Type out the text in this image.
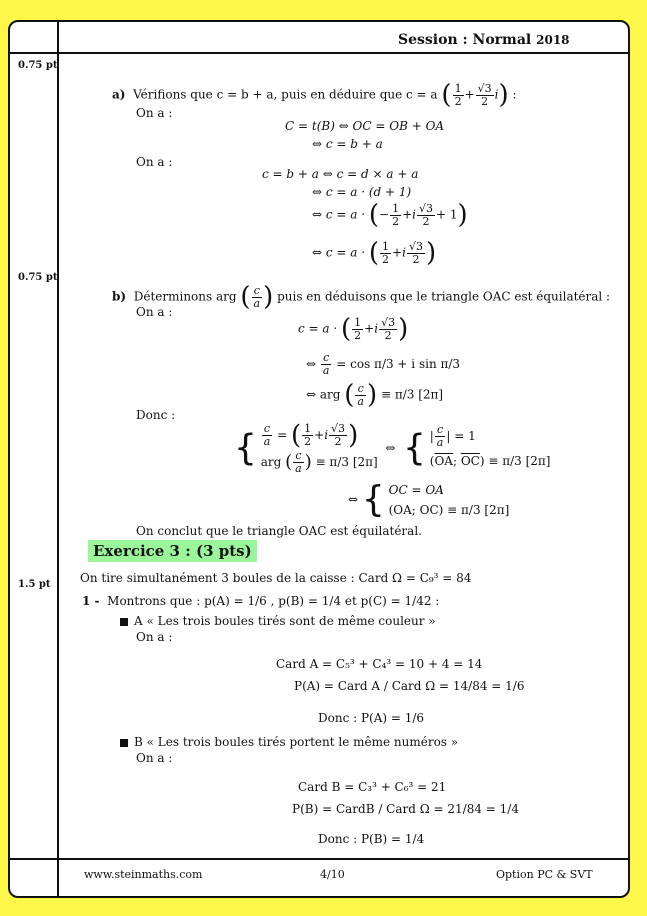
Session : Normal 2018
0.75 pt
0.75 pt
1.5 pt
a) Vérifions que c = b + a, puis en déduire que c = a ( $\frac{1}{2} + \frac{√3}{2} i$) :
On a :
C = t(B) ⇔ OC = OB + OA
⇔ c = b + a
On a :
c = b + a ⇔ c = d × a + a
⇔ c = a · (d + 1)
⇔ c = a · (− $\frac{1}{2} +i \frac{√3}{2} + 1$)
⇔ c = a · ( $\frac{1}{2} +i \frac{√3}{2}$ )
b) Déterminons arg ( $\frac{c}{a}$ ) puis en déduisons que le triangle OAC est équilatéral :
On a :
c = a · ( $\frac{1}{2} +i \frac{√3}{2}$ )
⇔ $\frac{c}{a} = \cos \pi/3 + i$ sin π/3
⇔ arg ( $\frac{c}{a}$ ) ≡ π/3 [2π]
Donc :
{ $\frac{c}{a}$ = ( $\frac{1}{2} +i \frac{√3}{2}$ )
arg ( $\frac{c}{a}$ ) ≡ π/3 [2π]  ⇔  { | $\frac{c}{a}$ | = 1
($\overline{OA}$; $\overline{OC}) \equiv \pi/3$ [2π]
⇔ { OC = OA
(OA; OC) ≡ π/3 [2π]
On conclut que le triangle OAC est équilatéral.
Exercice 3 : (3 pts)
On tire simultanément 3 boules de la caisse : Card Ω = C₉³ = 84
1 - Montrons que : p(A) = 1/6 , p(B) = 1/4 et p(C) = 1/42 :
A « Les trois boules tirés sont de même couleur »
On a :
Card A = C₅³ + C₄³ = 10 + 4 = 14
P(A) = Card A / Card Ω = 14/84 = 1/6
Donc : P(A) = 1/6
B « Les trois boules tirés portent le même numéros »
On a :
Card B = C₃³ + C₆³ = 21
P(B) = CardB / Card Ω = 21/84 = 1/4
Donc : P(B) = 1/4
www.steinmaths.com	4/10	Option PC & SVT
